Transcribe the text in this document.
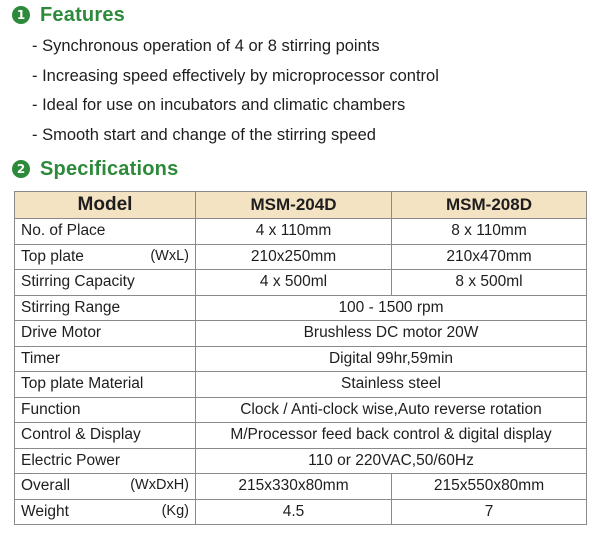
1 Features
- Synchronous operation of 4 or 8 stirring points
- Increasing speed effectively by microprocessor control
- Ideal for use on incubators and climatic chambers
- Smooth start and change of the stirring speed
2 Specifications
Model	MSM-204D	MSM-208D
No. of Place	4 x 110mm	8 x 110mm
Top plate (WxL)	210x250mm	210x470mm
Stirring Capacity	4 x 500ml	8 x 500ml
Stirring Range	100 - 1500 rpm	
Drive Motor	Brushless DC motor 20W	
Timer	Digital 99hr,59min	
Top plate Material	Stainless steel	
Function	Clock / Anti-clock wise,Auto reverse rotation	
Control & Display	M/Processor feed back control & digital display	
Electric Power	110 or 220VAC,50/60Hz	
Overall (WxDxH)	215x330x80mm	215x550x80mm
Weight (Kg)	4.5	7
